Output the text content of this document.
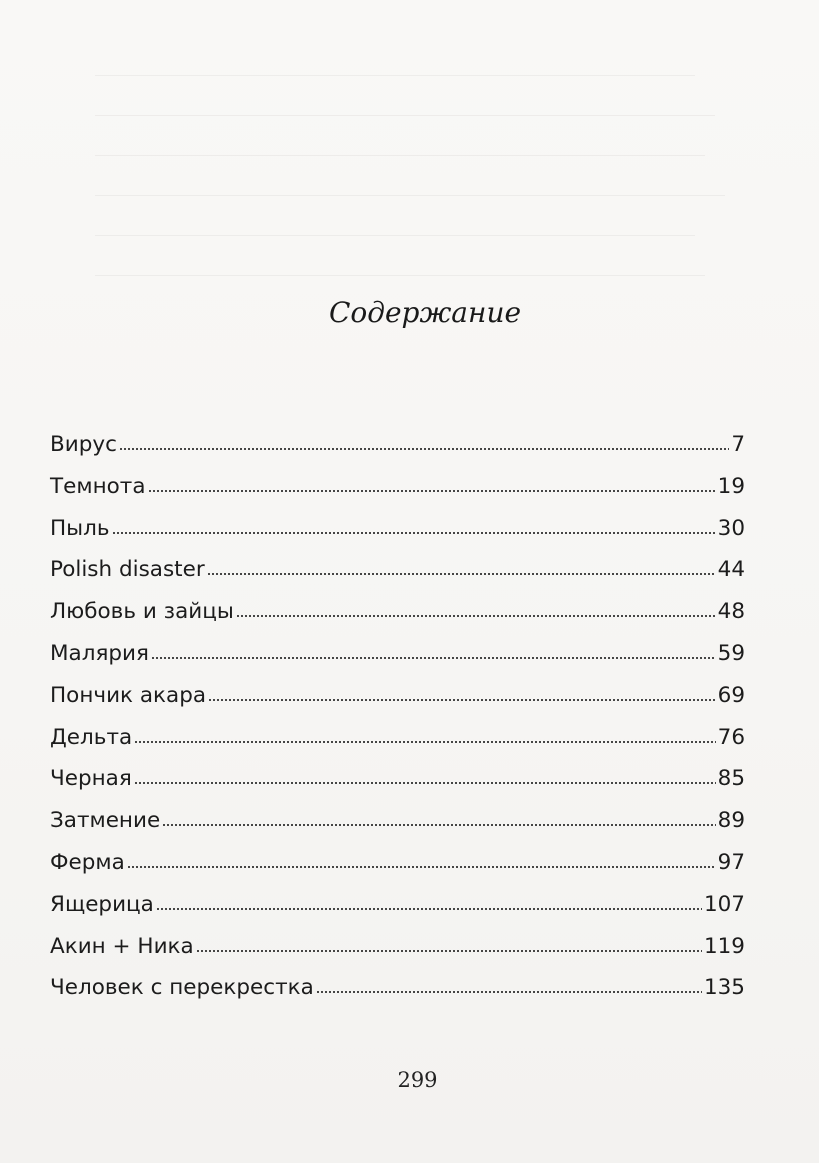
Содержание
Вирус	7
Темнота	19
Пыль	30
Polish disaster	44
Любовь и зайцы	48
Малярия	59
Пончик акара	69
Дельта	76
Черная	85
Затмение	89
Ферма	97
Ящерица	107
Акин + Ника	119
Человек с перекрестка	135
299
